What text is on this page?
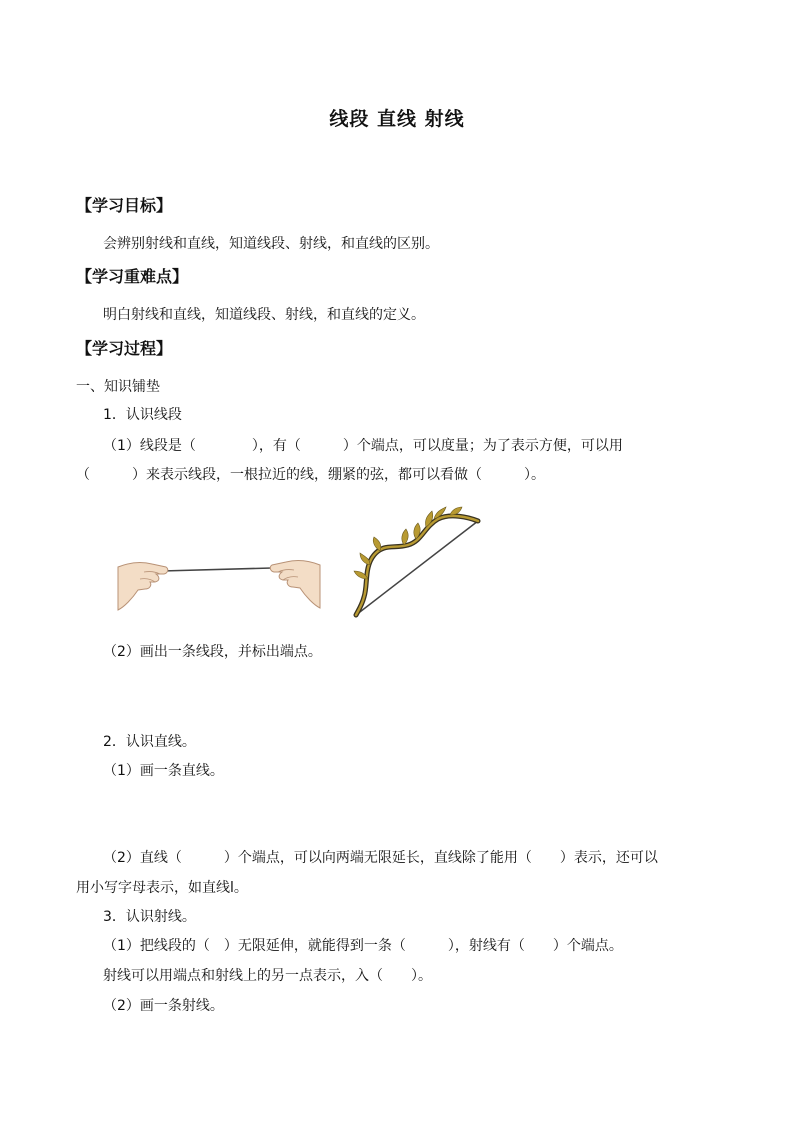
线段 直线 射线
【学习目标】
会辨别射线和直线，知道线段、射线，和直线的区别。
【学习重难点】
明白射线和直线，知道线段、射线，和直线的定义。
【学习过程】
一、知识铺垫
1．认识线段
（1）线段是（　　　　），有（　　　）个端点，可以度量；为了表示方便，可以用
（　　　）来表示线段，一根拉近的线，绷紧的弦，都可以看做（　　　）。
（2）画出一条线段，并标出端点。
2．认识直线。
（1）画一条直线。
（2）直线（　　　）个端点，可以向两端无限延长，直线除了能用（　　）表示，还可以
用小写字母表示，如直线l。
3．认识射线。
（1）把线段的（　）无限延伸，就能得到一条（　　　），射线有（　　）个端点。
射线可以用端点和射线上的另一点表示，入（　　）。
（2）画一条射线。
